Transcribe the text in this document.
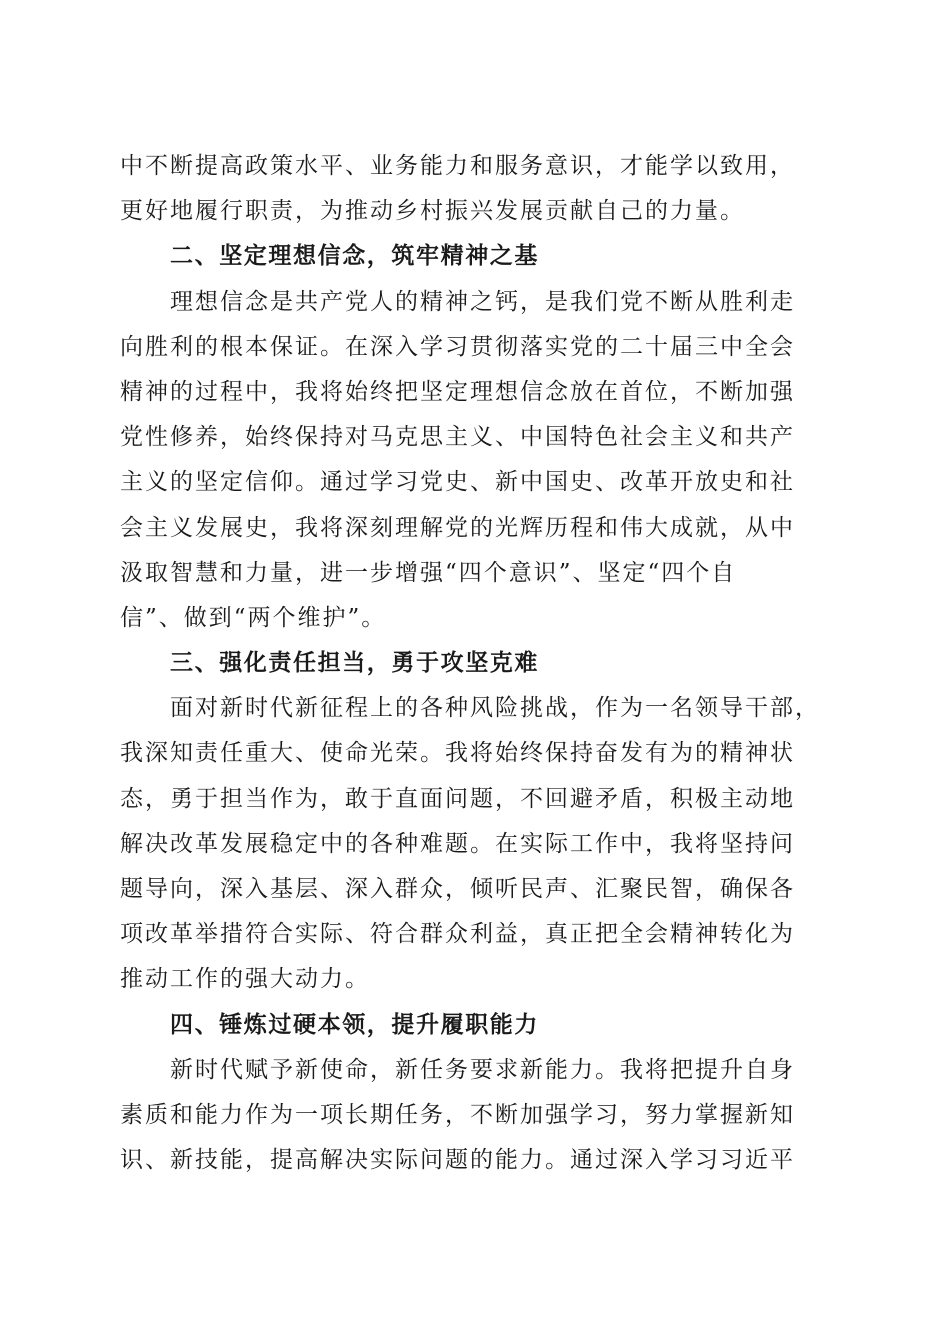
中不断提高政策水平、业务能力和服务意识，才能学以致用，
更好地履行职责，为推动乡村振兴发展贡献自己的力量。
二、坚定理想信念，筑牢精神之基
理想信念是共产党人的精神之钙，是我们党不断从胜利走
向胜利的根本保证。在深入学习贯彻落实党的二十届三中全会
精神的过程中，我将始终把坚定理想信念放在首位，不断加强
党性修养，始终保持对马克思主义、中国特色社会主义和共产
主义的坚定信仰。通过学习党史、新中国史、改革开放史和社
会主义发展史，我将深刻理解党的光辉历程和伟大成就，从中
汲取智慧和力量，进一步增强“四个意识”、坚定“四个自
信”、做到“两个维护”。
三、强化责任担当，勇于攻坚克难
面对新时代新征程上的各种风险挑战，作为一名领导干部，
我深知责任重大、使命光荣。我将始终保持奋发有为的精神状
态，勇于担当作为，敢于直面问题，不回避矛盾，积极主动地
解决改革发展稳定中的各种难题。在实际工作中，我将坚持问
题导向，深入基层、深入群众，倾听民声、汇聚民智，确保各
项改革举措符合实际、符合群众利益，真正把全会精神转化为
推动工作的强大动力。
四、锤炼过硬本领，提升履职能力
新时代赋予新使命，新任务要求新能力。我将把提升自身
素质和能力作为一项长期任务，不断加强学习，努力掌握新知
识、新技能，提高解决实际问题的能力。通过深入学习习近平
